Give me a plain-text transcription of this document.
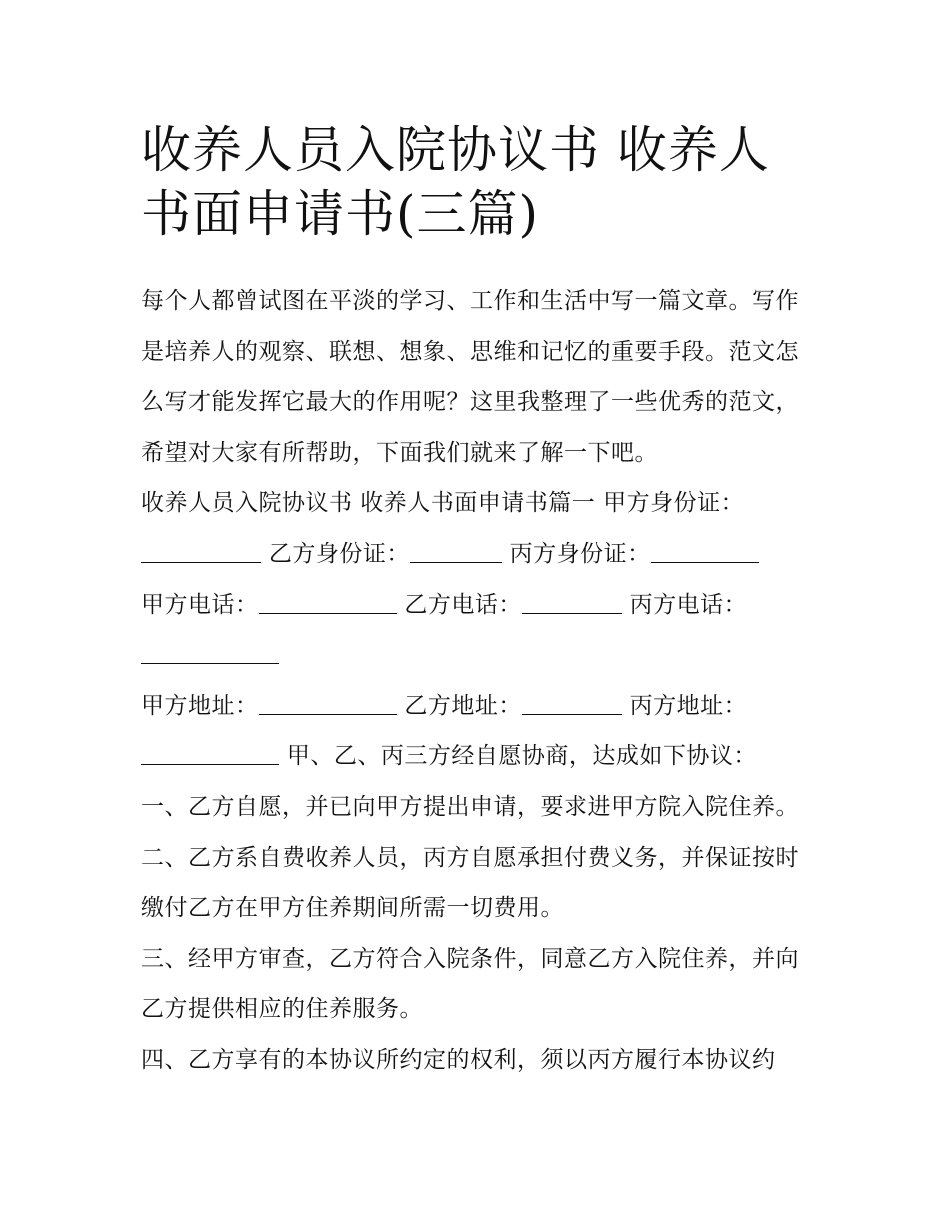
收养人员入院协议书 收养人书面申请书(三篇)

每个人都曾试图在平淡的学习、工作和生活中写一篇文章。写作是培养人的观察、联想、想象、思维和记忆的重要手段。范文怎么写才能发挥它最大的作用呢？这里我整理了一些优秀的范文，希望对大家有所帮助，下面我们就来了解一下吧。

收养人员入院协议书 收养人书面申请书篇一 甲方身份证：

乙方身份证：	丙方身份证：

甲方电话：	乙方电话：	丙方电话：

甲方地址：	乙方地址：	丙方地址：

甲、乙、丙三方经自愿协商，达成如下协议：

一、乙方自愿，并已向甲方提出申请，要求进甲方院入院住养。 二、乙方系自费收养人员，丙方自愿承担付费义务，并保证按时缴付乙方在甲方住养期间所需一切费用。

三、经甲方审查，乙方符合入院条件，同意乙方入院住养，并向乙方提供相应的住养服务。

四、乙方享有的本协议所约定的权利，须以丙方履行本协议约
